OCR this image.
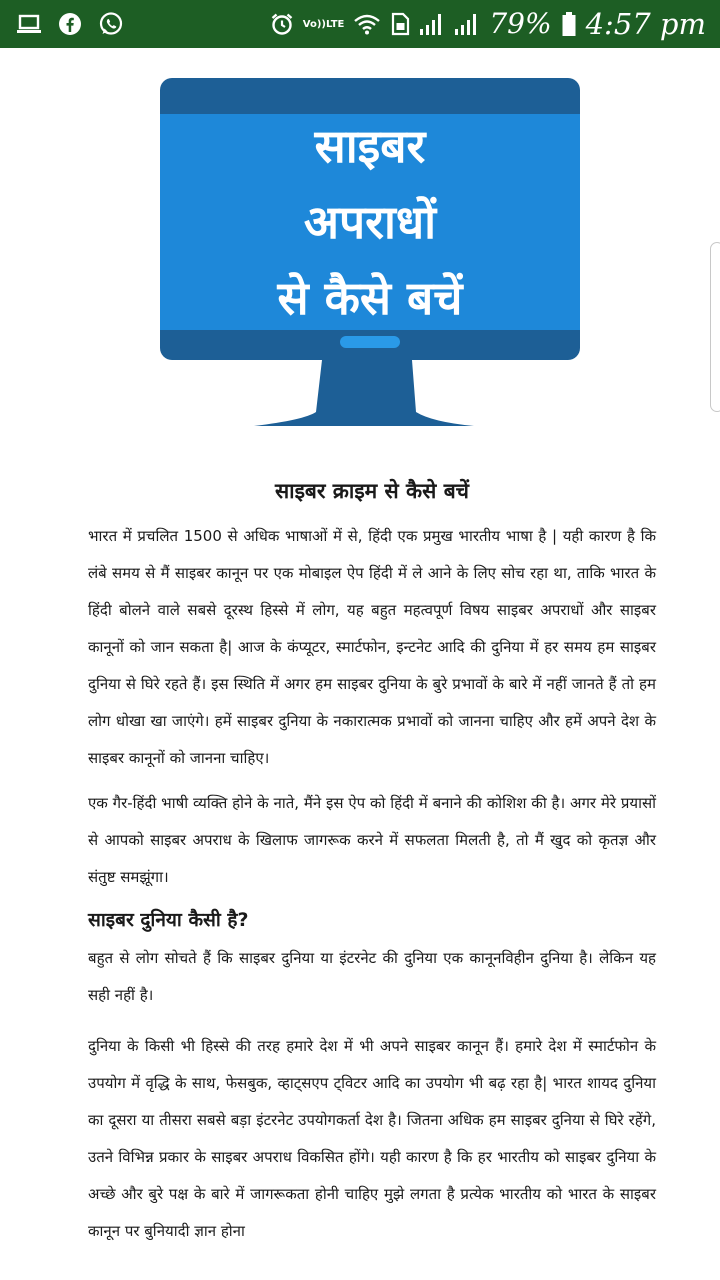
Vo)) LTE	79% 4:57 pm
साइबर
अपराधों
से कैसे बचें
साइबर क्राइम से कैसे बचें

भारत में प्रचलित 1500 से अधिक भाषाओं में से, हिंदी एक प्रमुख भारतीय भाषा है | यही कारण है कि लंबे समय से मैं साइबर कानून पर एक मोबाइल ऐप हिंदी में ले आने के लिए सोच रहा था, ताकि भारत के हिंदी बोलने वाले सबसे दूरस्थ हिस्से में लोग, यह बहुत महत्वपूर्ण विषय साइबर अपराधों और साइबर कानूनों को जान सकता है| आज के कंप्यूटर, स्मार्टफोन, इन्टनेट आदि की दुनिया में हर समय हम साइबर दुनिया से घिरे रहते हैं। इस स्थिति में अगर हम साइबर दुनिया के बुरे प्रभावों के बारे में नहीं जानते हैं तो हम लोग धोखा खा जाएंगे। हमें साइबर दुनिया के नकारात्मक प्रभावों को जानना चाहिए और हमें अपने देश के साइबर कानूनों को जानना चाहिए।

एक गैर-हिंदी भाषी व्यक्ति होने के नाते, मैंने इस ऐप को हिंदी में बनाने की कोशिश की है। अगर मेरे प्रयासों से आपको साइबर अपराध के खिलाफ जागरूक करने में सफलता मिलती है, तो मैं खुद को कृतज्ञ और संतुष्ट समझूंगा।

साइबर दुनिया कैसी है?

बहुत से लोग सोचते हैं कि साइबर दुनिया या इंटरनेट की दुनिया एक कानूनविहीन दुनिया है। लेकिन यह सही नहीं है।

दुनिया के किसी भी हिस्से की तरह हमारे देश में भी अपने साइबर कानून हैं। हमारे देश में स्मार्टफोन के उपयोग में वृद्धि के साथ, फेसबुक, व्हाट्सएप ट्विटर आदि का उपयोग भी बढ़ रहा है| भारत शायद दुनिया का दूसरा या तीसरा सबसे बड़ा इंटरनेट उपयोगकर्ता देश है। जितना अधिक हम साइबर दुनिया से घिरे रहेंगे, उतने विभिन्न प्रकार के साइबर अपराध विकसित होंगे। यही कारण है कि हर भारतीय को साइबर दुनिया के अच्छे और बुरे पक्ष के बारे में जागरूकता होनी चाहिए मुझे लगता है प्रत्येक भारतीय को भारत के साइबर कानून पर बुनियादी ज्ञान होना
